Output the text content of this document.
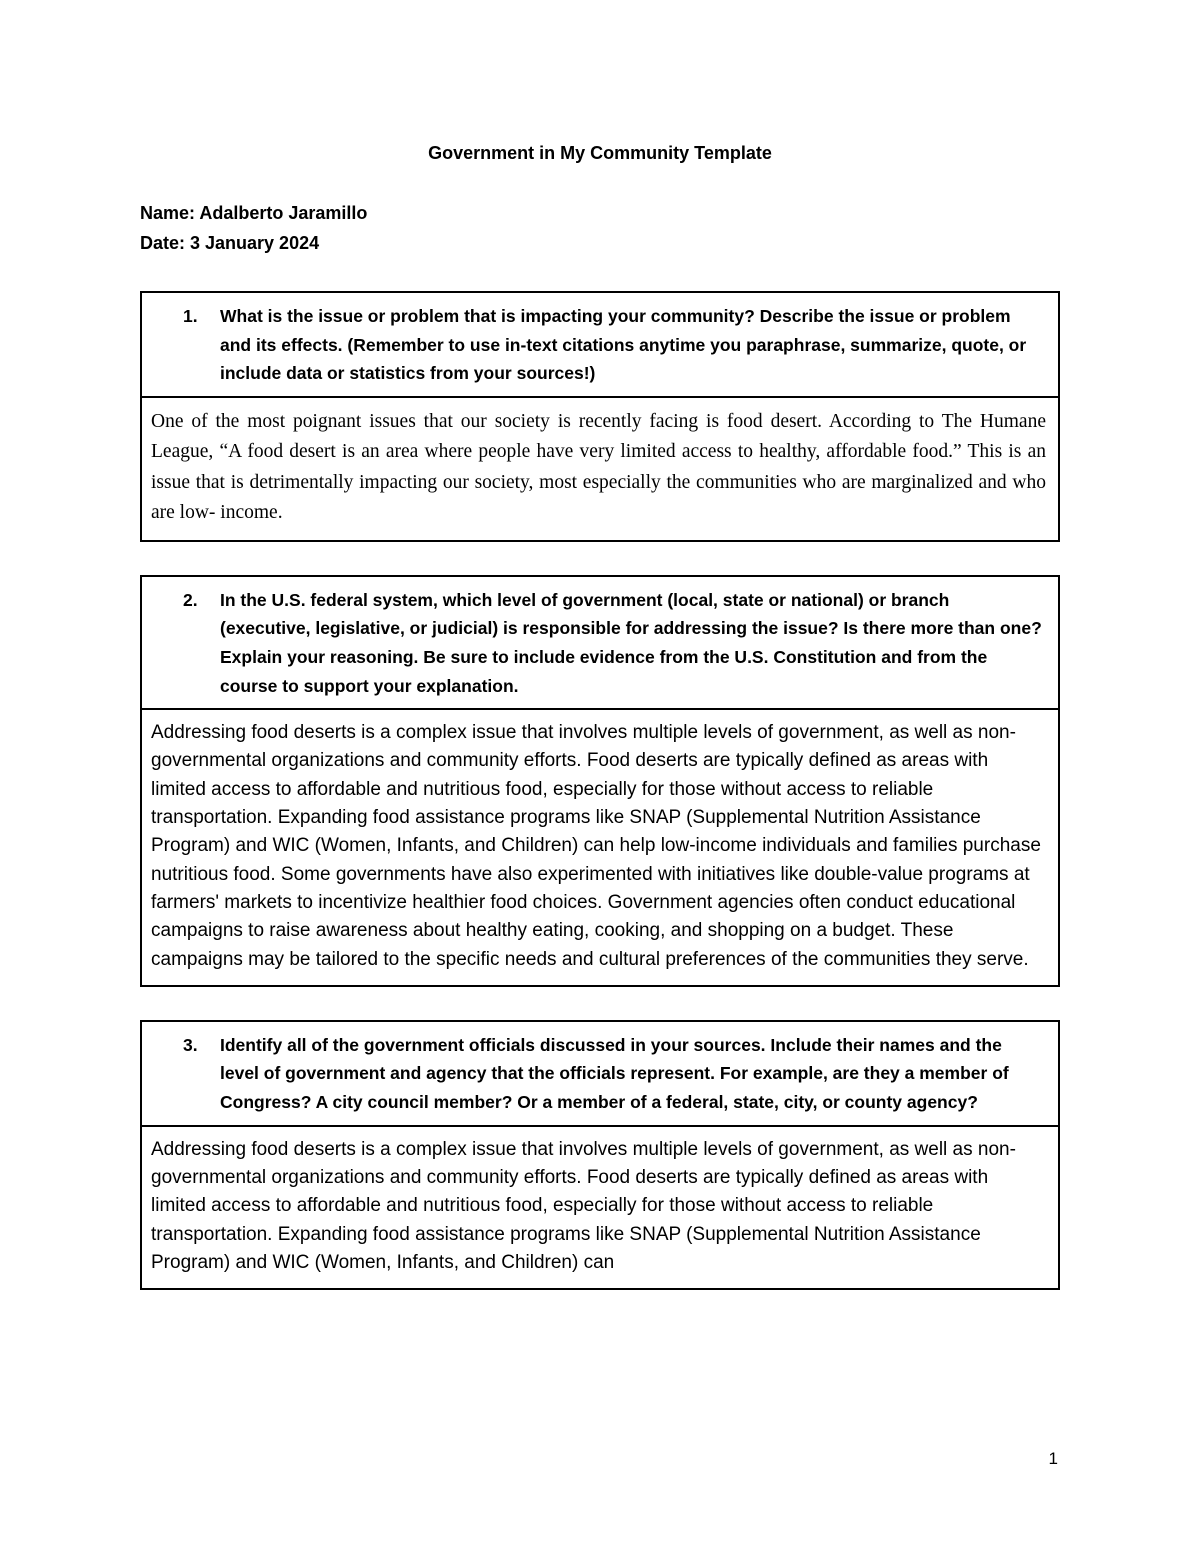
Government in My Community Template
Name: Adalberto Jaramillo
Date: 3 January 2024
1.	What is the issue or problem that is impacting your community? Describe the issue or problem and its effects. (Remember to use in-text citations anytime you paraphrase, summarize, quote, or include data or statistics from your sources!)
One of the most poignant issues that our society is recently facing is food desert. According to The Humane League, “A food desert is an area where people have very limited access to healthy, affordable food.” This is an issue that is detrimentally impacting our society, most especially the communities who are marginalized and who are low- income.
2.	In the U.S. federal system, which level of government (local, state or national) or branch (executive, legislative, or judicial) is responsible for addressing the issue? Is there more than one? Explain your reasoning. Be sure to include evidence from the U.S. Constitution and from the course to support your explanation.
Addressing food deserts is a complex issue that involves multiple levels of government, as well as non-governmental organizations and community efforts. Food deserts are typically defined as areas with limited access to affordable and nutritious food, especially for those without access to reliable transportation. Expanding food assistance programs like SNAP (Supplemental Nutrition Assistance Program) and WIC (Women, Infants, and Children) can help low-income individuals and families purchase nutritious food. Some governments have also experimented with initiatives like double-value programs at farmers' markets to incentivize healthier food choices. Government agencies often conduct educational campaigns to raise awareness about healthy eating, cooking, and shopping on a budget. These campaigns may be tailored to the specific needs and cultural preferences of the communities they serve.
3.	Identify all of the government officials discussed in your sources. Include their names and the level of government and agency that the officials represent. For example, are they a member of Congress? A city council member? Or a member of a federal, state, city, or county agency?
Addressing food deserts is a complex issue that involves multiple levels of government, as well as non-governmental organizations and community efforts. Food deserts are typically defined as areas with limited access to affordable and nutritious food, especially for those without access to reliable transportation. Expanding food assistance programs like SNAP (Supplemental Nutrition Assistance Program) and WIC (Women, Infants, and Children) can
1
